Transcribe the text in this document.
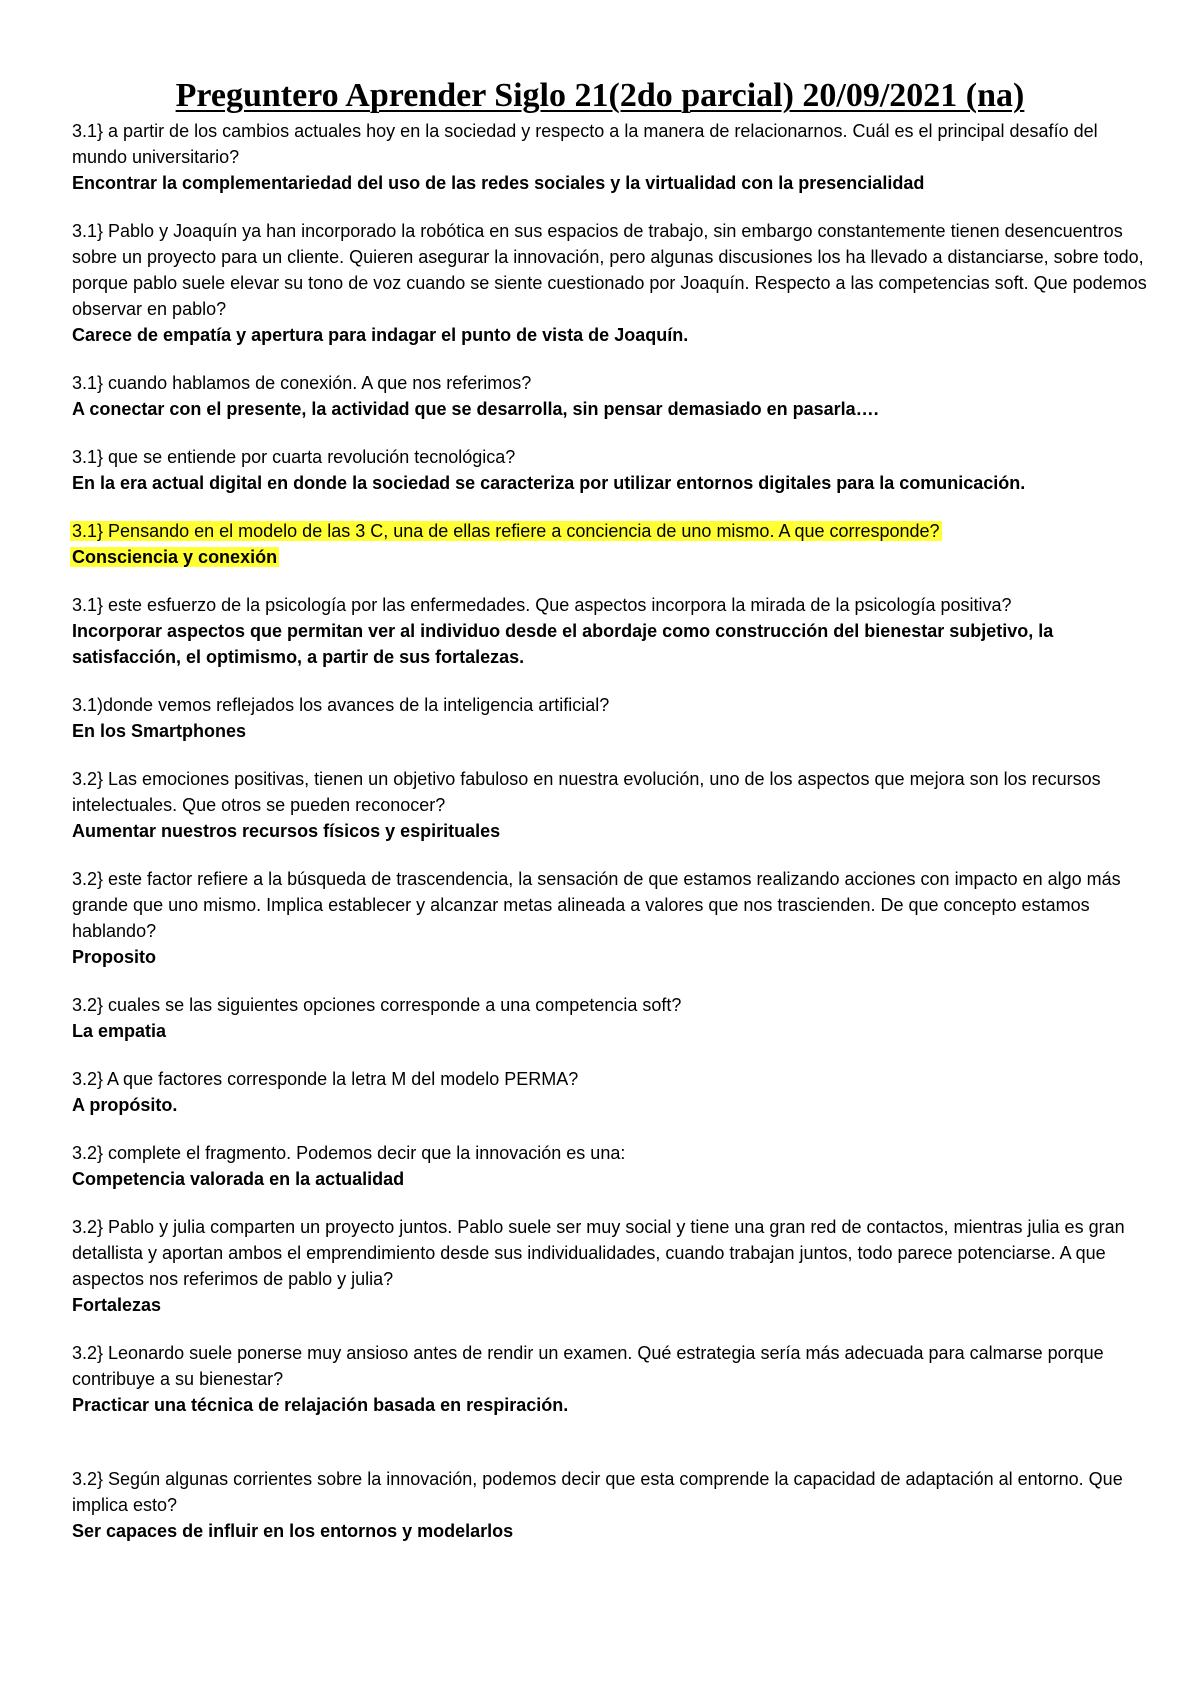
Preguntero Aprender Siglo 21(2do parcial) 20/09/2021 (na)
3.1} a partir de los cambios actuales hoy en la sociedad y respecto a la manera de relacionarnos. Cuál es el principal desafío del mundo universitario?
Encontrar la complementariedad del uso de las redes sociales y la virtualidad con la presencialidad
3.1} Pablo y Joaquín ya han incorporado la robótica en sus espacios de trabajo, sin embargo constantemente tienen desencuentros sobre un proyecto para un cliente. Quieren asegurar la innovación, pero algunas discusiones los ha llevado a distanciarse, sobre todo, porque pablo suele elevar su tono de voz cuando se siente cuestionado por Joaquín. Respecto a las competencias soft. Que podemos observar en pablo?
Carece de empatía y apertura para indagar el punto de vista de Joaquín.
3.1} cuando hablamos de conexión. A que nos referimos?
A conectar con el presente, la actividad que se desarrolla, sin pensar demasiado en pasarla….
3.1} que se entiende por cuarta revolución tecnológica?
En la era actual digital en donde la sociedad se caracteriza por utilizar entornos digitales para la comunicación.
3.1} Pensando en el modelo de las 3 C, una de ellas refiere a conciencia de uno mismo. A que corresponde?
Consciencia y conexión
3.1} este esfuerzo de la psicología por las enfermedades. Que aspectos incorpora la mirada de la psicología positiva?
Incorporar aspectos que permitan ver al individuo desde el abordaje como construcción del bienestar subjetivo, la satisfacción, el optimismo, a partir de sus fortalezas.
3.1)donde vemos reflejados los avances de la inteligencia artificial?
En los Smartphones
3.2} Las emociones positivas, tienen un objetivo fabuloso en nuestra evolución, uno de los aspectos que mejora son los recursos intelectuales. Que otros se pueden reconocer?
Aumentar nuestros recursos físicos y espirituales
3.2} este factor refiere a la búsqueda de trascendencia, la sensación de que estamos realizando acciones con impacto en algo más grande que uno mismo. Implica establecer y alcanzar metas alineada a valores que nos trascienden. De que concepto estamos hablando?
Proposito
3.2} cuales se las siguientes opciones corresponde a una competencia soft?
La empatia
3.2} A que factores corresponde la letra M del modelo PERMA?
A propósito.
3.2} complete el fragmento. Podemos decir que la innovación es una:
Competencia valorada en la actualidad
3.2} Pablo y julia comparten un proyecto juntos. Pablo suele ser muy social y tiene una gran red de contactos, mientras julia es gran detallista y aportan ambos el emprendimiento desde sus individualidades, cuando trabajan juntos, todo parece potenciarse. A que aspectos nos referimos de pablo y julia?
Fortalezas
3.2} Leonardo suele ponerse muy ansioso antes de rendir un examen. Qué estrategia sería más adecuada para calmarse porque contribuye a su bienestar?
Practicar una técnica de relajación basada en respiración.
3.2} Según algunas corrientes sobre la innovación, podemos decir que esta comprende la capacidad de adaptación al entorno. Que implica esto?
Ser capaces de influir en los entornos y modelarlos
